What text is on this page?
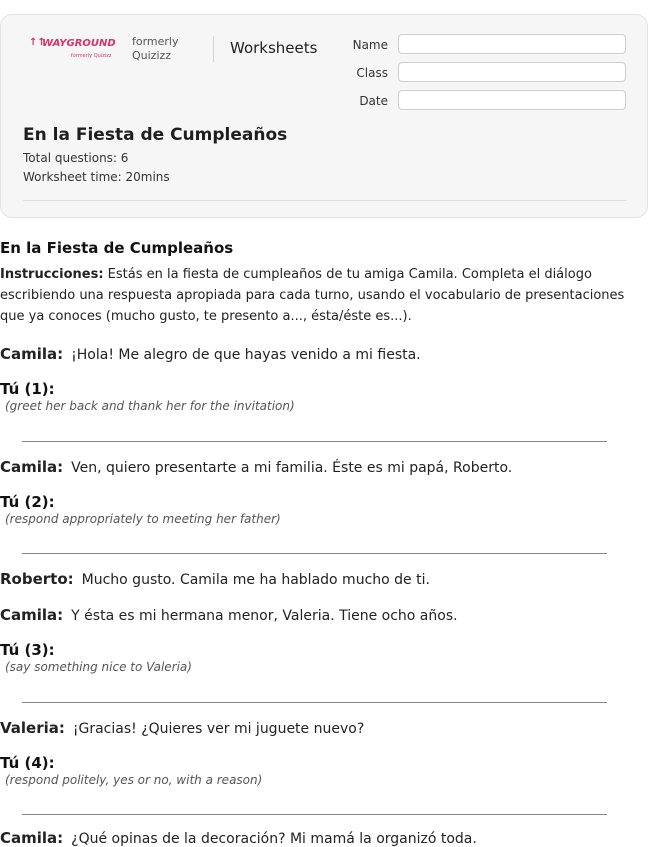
↑↑
WAYGROUND
formerly Quizizz
formerly Quizizz	Worksheets	Name
Class
Date
En la Fiesta de Cumpleaños
Total questions: 6
Worksheet time: 20mins
En la Fiesta de Cumpleaños
Instrucciones: Estás en la fiesta de cumpleaños de tu amiga Camila. Completa el diálogo escribiendo una respuesta apropiada para cada turno, usando el vocabulario de presentaciones que ya conoces (mucho gusto, te presento a..., ésta/éste es...).
Camila: ¡Hola! Me alegro de que hayas venido a mi fiesta.
Tú (1):
(greet her back and thank her for the invitation)
Camila: Ven, quiero presentarte a mi familia. Éste es mi papá, Roberto.
Tú (2):
(respond appropriately to meeting her father)
Roberto: Mucho gusto. Camila me ha hablado mucho de ti.
Camila: Y ésta es mi hermana menor, Valeria. Tiene ocho años.
Tú (3):
(say something nice to Valeria)
Valeria: ¡Gracias! ¿Quieres ver mi juguete nuevo?
Tú (4):
(respond politely, yes or no, with a reason)
Camila: ¿Qué opinas de la decoración? Mi mamá la organizó toda.
